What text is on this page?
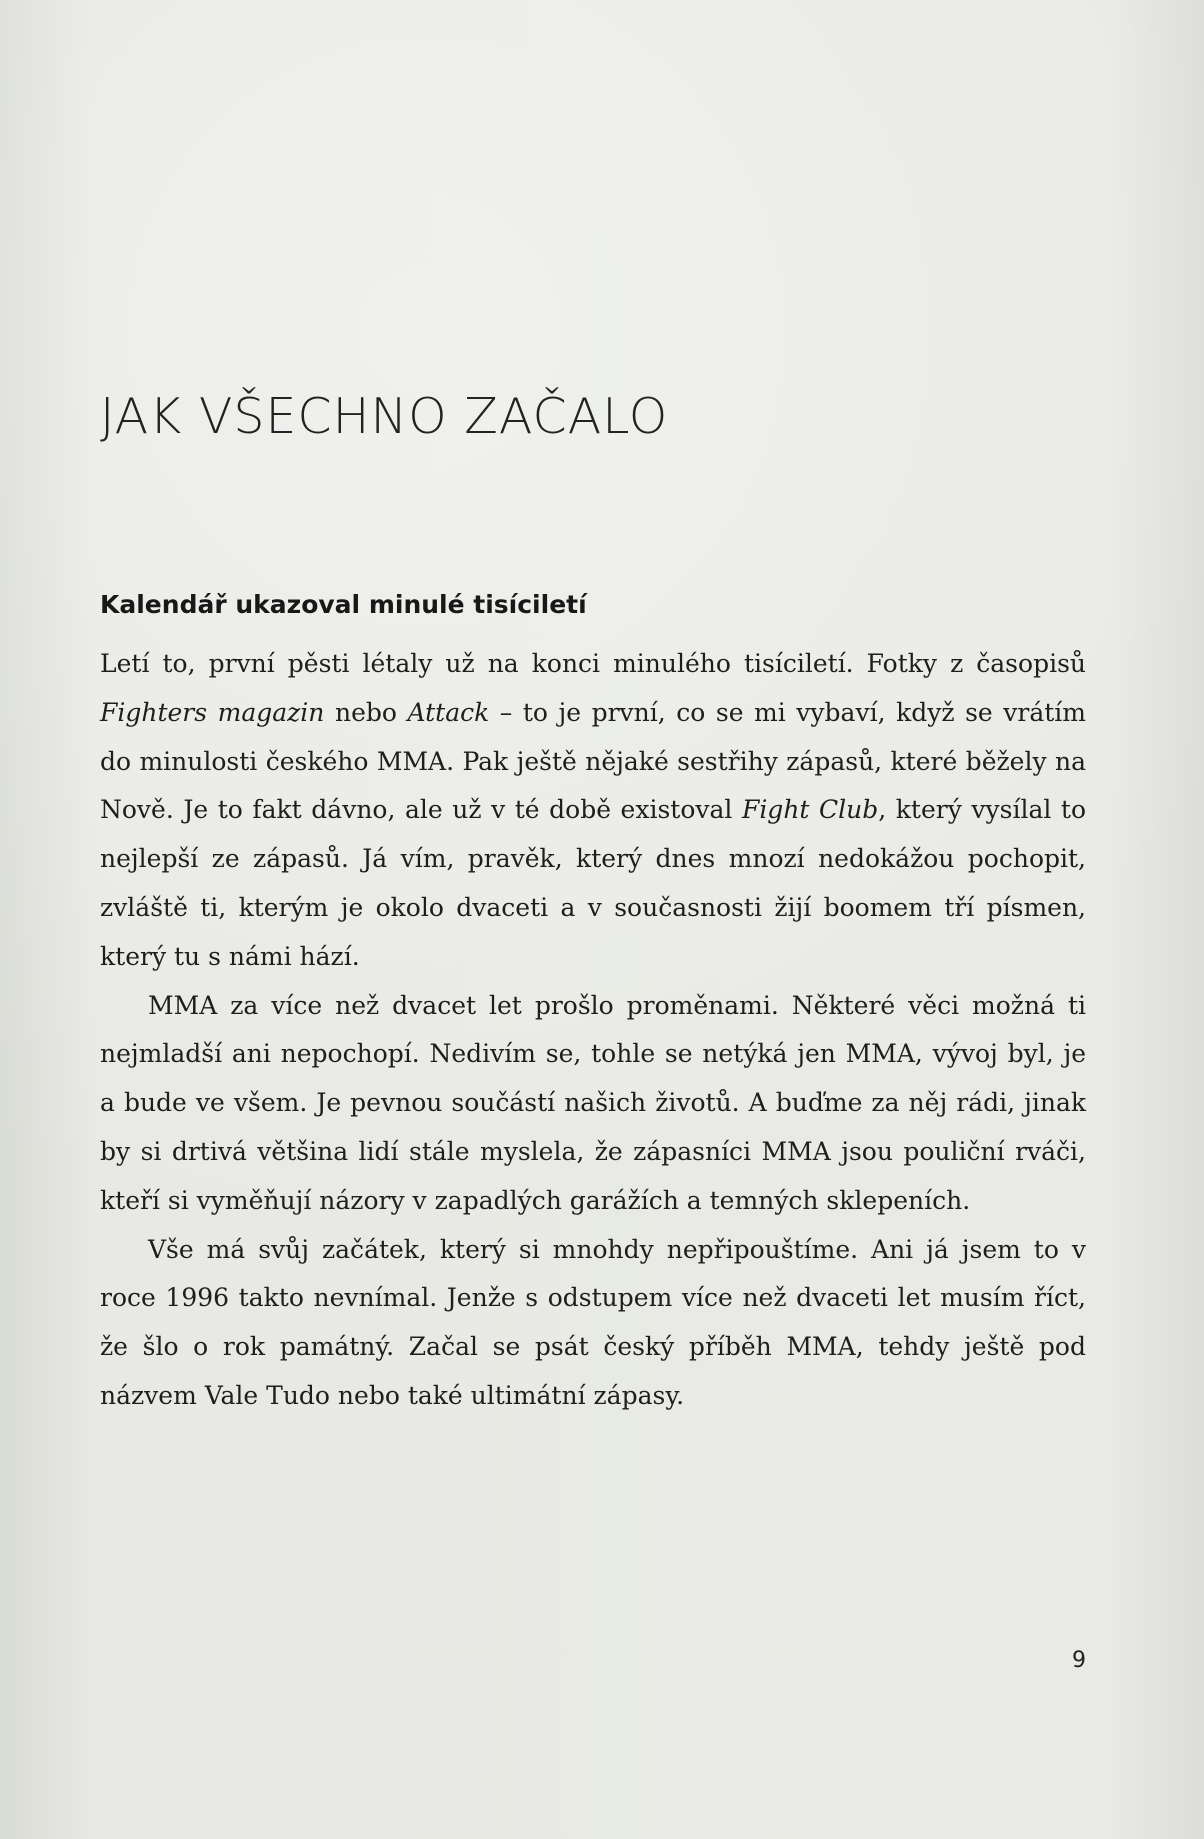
JAK VŠECHNO ZAČALO
Kalendář ukazoval minulé tisíciletí

Letí to, první pěsti létaly už na konci minulého tisíciletí. Fotky z časopisů Fighters magazin nebo Attack – to je první, co se mi vybaví, když se vrátím do minulosti českého MMA. Pak ještě nějaké sestřihy zápasů, které běžely na Nově. Je to fakt dávno, ale už v té době existoval Fight Club, který vysílal to nejlepší ze zápasů. Já vím, pravěk, který dnes mnozí nedokážou pochopit, zvláště ti, kterým je okolo dvaceti a v současnosti žijí boomem tří písmen, který tu s námi hází.

MMA za více než dvacet let prošlo proměnami. Některé věci možná ti nejmladší ani nepochopí. Nedivím se, tohle se netýká jen MMA, vývoj byl, je a bude ve všem. Je pevnou součástí našich životů. A buďme za něj rádi, jinak by si drtivá většina lidí stále myslela, že zápasníci MMA jsou pouliční rváči, kteří si vyměňují názory v zapadlých garážích a temných sklepeních.

Vše má svůj začátek, který si mnohdy nepřipouštíme. Ani já jsem to v roce 1996 takto nevnímal. Jenže s odstupem více než dvaceti let musím říct, že šlo o rok památný. Začal se psát český příběh MMA, tehdy ještě pod názvem Vale Tudo nebo také ultimátní zápasy.

9
